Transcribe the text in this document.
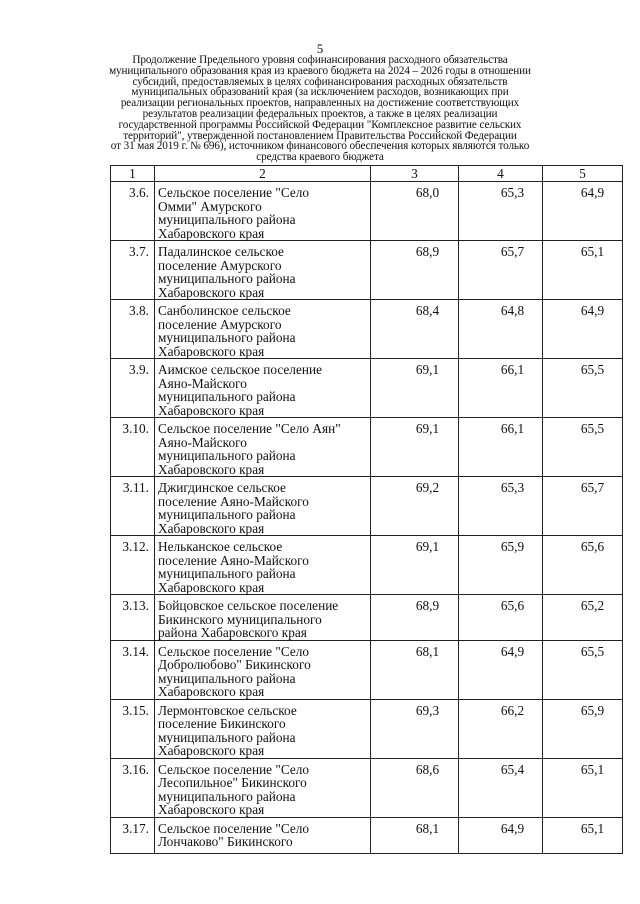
5
Продолжение Предельного уровня софинансирования расходного обязательства
муниципального образования края из краевого бюджета на 2024 – 2026 годы в отношении
субсидий, предоставляемых в целях софинансирования расходных обязательств
муниципальных образований края (за исключением расходов, возникающих при
реализации региональных проектов, направленных на достижение соответствующих
результатов реализации федеральных проектов, а также в целях реализации
государственной программы Российской Федерации "Комплексное развитие сельских
территорий", утвержденной постановлением Правительства Российской Федерации
от 31 мая 2019 г. № 696), источником финансового обеспечения которых являются только
средства краевого бюджета
1	2	3	4	5
3.6.	Сельское поселение "Село
Омми" Амурского
муниципального района
Хабаровского края	68,0	65,3	64,9
3.7.	Падалинское сельское
поселение Амурского
муниципального района
Хабаровского края	68,9	65,7	65,1
3.8.	Санболинское сельское
поселение Амурского
муниципального района
Хабаровского края	68,4	64,8	64,9
3.9.	Аимское сельское поселение
Аяно-Майского
муниципального района
Хабаровского края	69,1	66,1	65,5
3.10.	Сельское поселение "Село Аян"
Аяно-Майского
муниципального района
Хабаровского края	69,1	66,1	65,5
3.11.	Джигдинское сельское
поселение Аяно-Майского
муниципального района
Хабаровского края	69,2	65,3	65,7
3.12.	Нельканское сельское
поселение Аяно-Майского
муниципального района
Хабаровского края	69,1	65,9	65,6
3.13.	Бойцовское сельское поселение
Бикинского муниципального
района Хабаровского края	68,9	65,6	65,2
3.14.	Сельское поселение "Село
Добролюбово" Бикинского
муниципального района
Хабаровского края	68,1	64,9	65,5
3.15.	Лермонтовское сельское
поселение Бикинского
муниципального района
Хабаровского края	69,3	66,2	65,9
3.16.	Сельское поселение "Село
Лесопильное" Бикинского
муниципального района
Хабаровского края	68,6	65,4	65,1
3.17.	Сельское поселение "Село
Лончаково" Бикинского	68,1	64,9	65,1
